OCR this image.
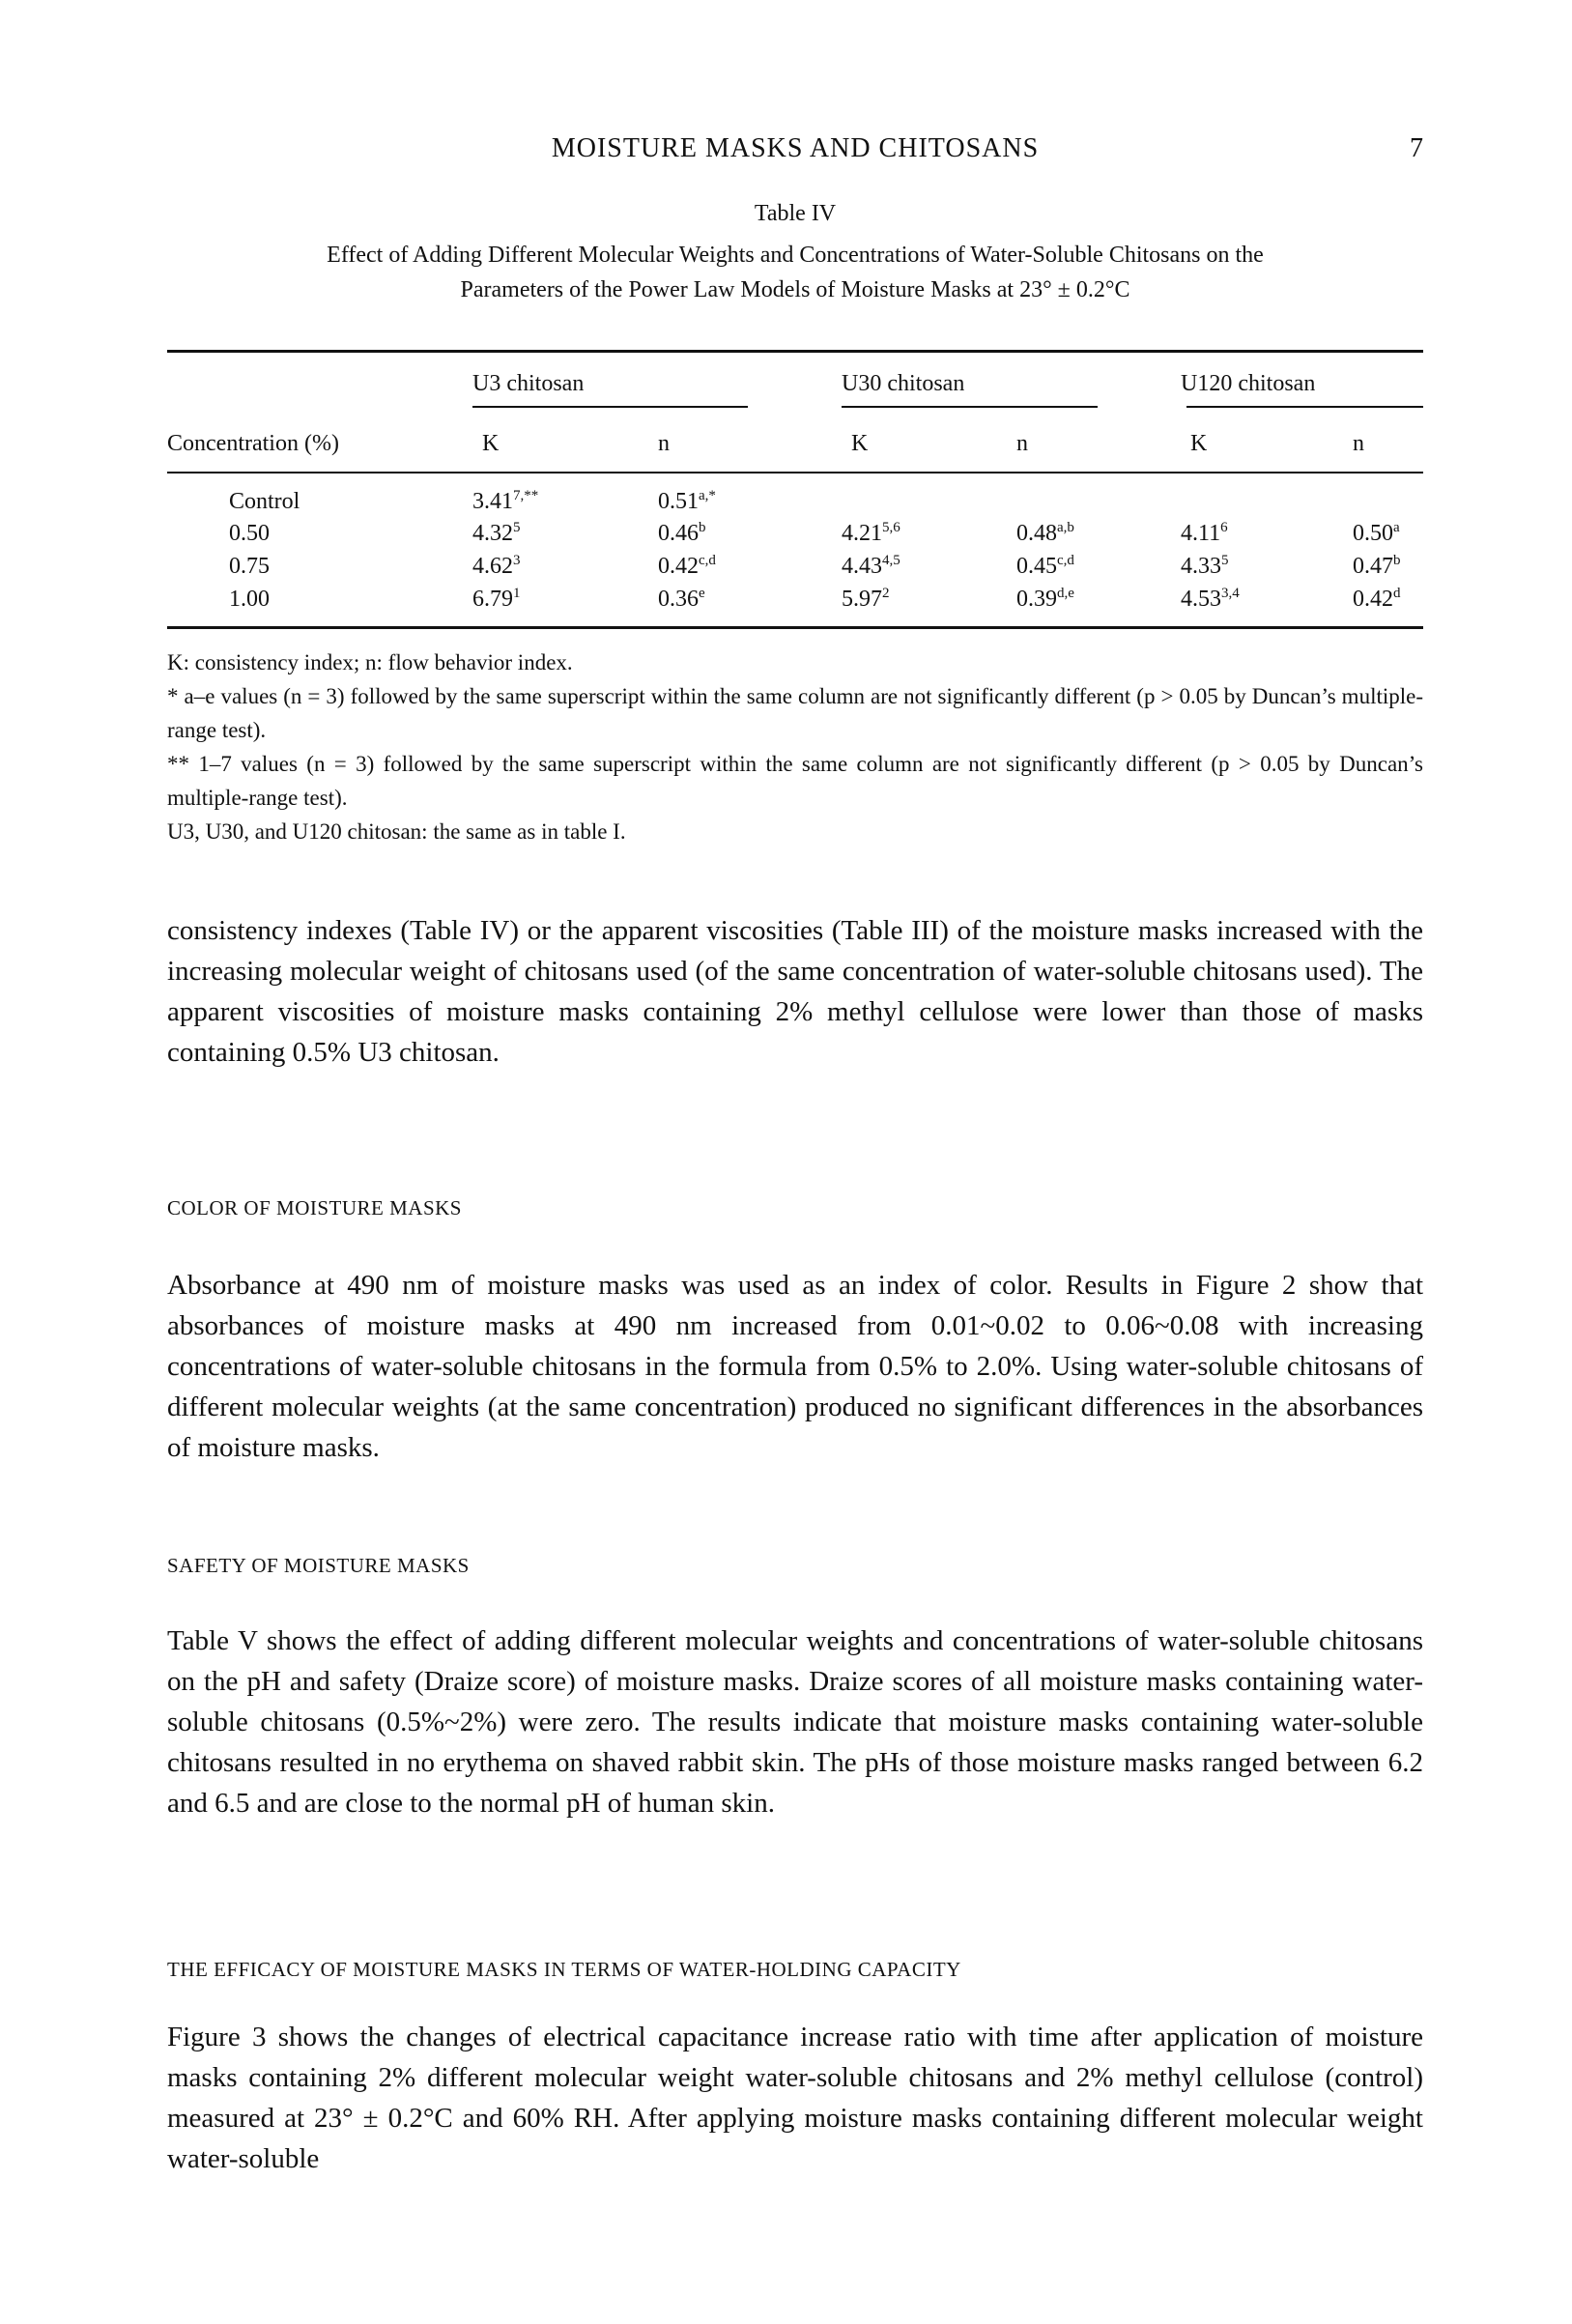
MOISTURE MASKS AND CHITOSANS	7
Table IV
Effect of Adding Different Molecular Weights and Concentrations of Water-Soluble Chitosans on the
Parameters of the Power Law Models of Moisture Masks at 23° ± 0.2°C
U3 chitosan	U30 chitosan	U120 chitosan
Concentration (%)	K	n	K	n	K	n
Control	$3.41^{7,**}$	$0.51^{a,*}$
0.50	4.32$^5$	0.46$^b$	4.21$^{5,6}$	0.48$^{a,b}$	4.11$^6$	0.50$^a$
0.75	4.62$^3$	0.42$^{c,d}$	4.43$^{4,5}$	0.45$^{c,d}$	4.33$^5$	0.47$^b$
1.00	6.79$^1$	0.36e	5.97$^2$	0.39$^{d,e}$	4.53$^{3,4}$	0.42$^d$
K: consistency index; n: flow behavior index.
* a–e values (n = 3) followed by the same superscript within the same column are not significantly different (p > 0.05 by Duncan’s multiple-range test).
** 1–7 values (n = 3) followed by the same superscript within the same column are not significantly different (p > 0.05 by Duncan’s multiple-range test).
U3, U30, and U120 chitosan: the same as in table I.
consistency indexes (Table IV) or the apparent viscosities (Table III) of the moisture masks increased with the increasing molecular weight of chitosans used (of the same concentration of water-soluble chitosans used). The apparent viscosities of moisture masks containing 2% methyl cellulose were lower than those of masks containing 0.5% U3 chitosan.
COLOR OF MOISTURE MASKS
Absorbance at 490 nm of moisture masks was used as an index of color. Results in Figure 2 show that absorbances of moisture masks at 490 nm increased from 0.01~0.02 to 0.06~0.08 with increasing concentrations of water-soluble chitosans in the formula from 0.5% to 2.0%. Using water-soluble chitosans of different molecular weights (at the same concentration) produced no significant differences in the absorbances of moisture masks.
SAFETY OF MOISTURE MASKS
Table V shows the effect of adding different molecular weights and concentrations of water-soluble chitosans on the pH and safety (Draize score) of moisture masks. Draize scores of all moisture masks containing water-soluble chitosans (0.5%~2%) were zero. The results indicate that moisture masks containing water-soluble chitosans resulted in no erythema on shaved rabbit skin. The pHs of those moisture masks ranged between 6.2 and 6.5 and are close to the normal pH of human skin.
THE EFFICACY OF MOISTURE MASKS IN TERMS OF WATER-HOLDING CAPACITY
Figure 3 shows the changes of electrical capacitance increase ratio with time after application of moisture masks containing 2% different molecular weight water-soluble chitosans and 2% methyl cellulose (control) measured at 23° ± 0.2°C and 60% RH. After applying moisture masks containing different molecular weight water-soluble
